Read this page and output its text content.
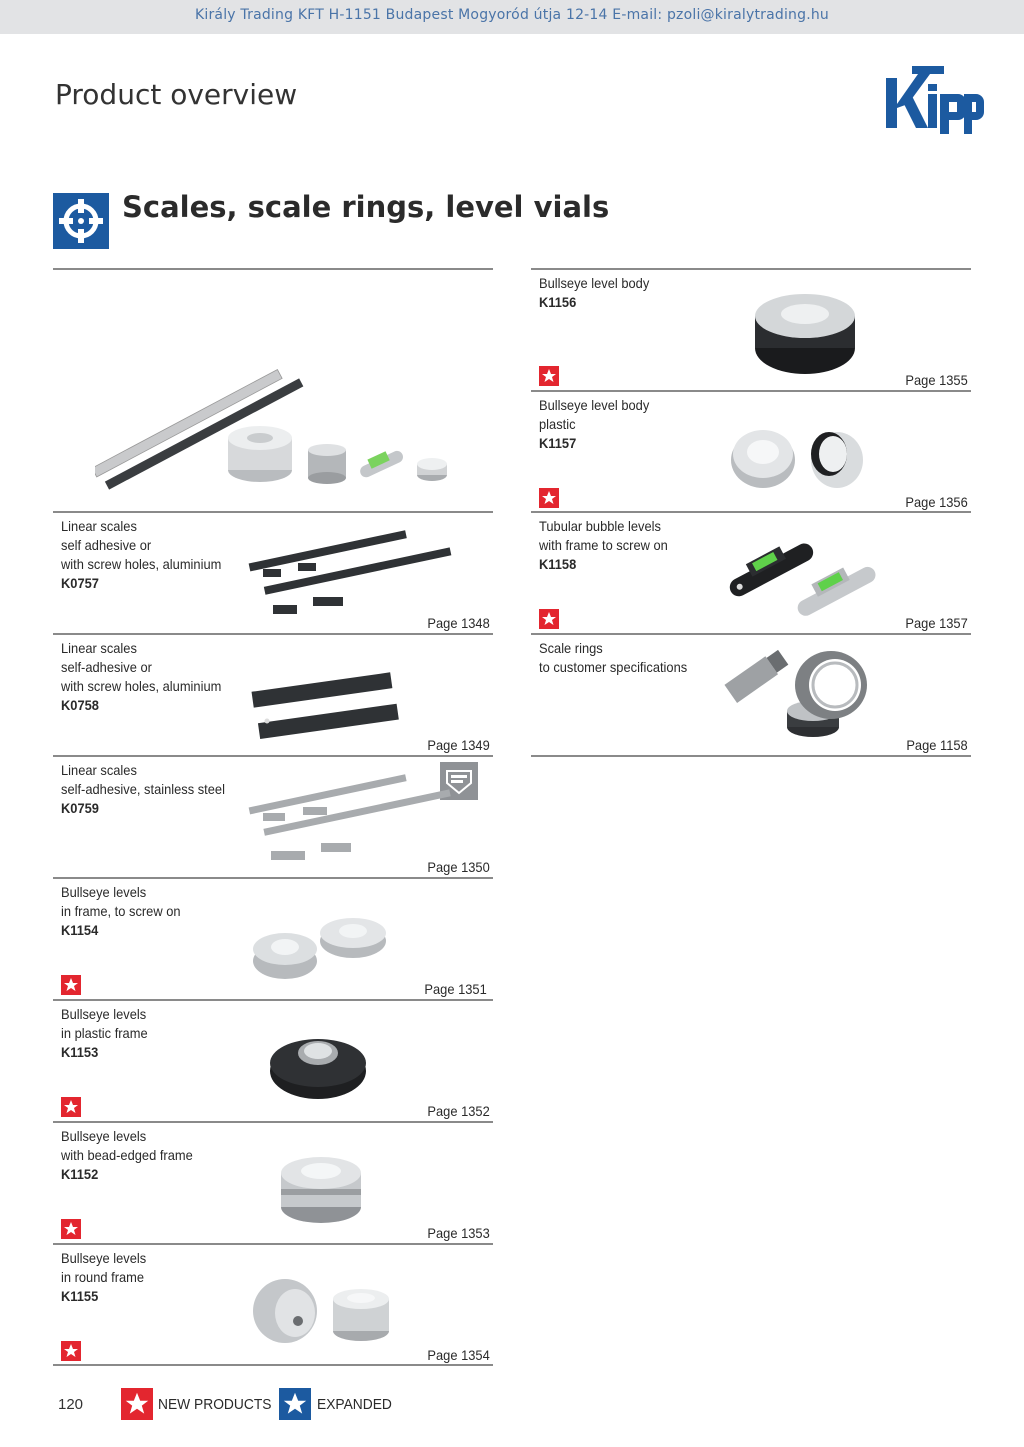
Király Trading KFT H-1151 Budapest Mogyoród útja 12-14 E-mail: pzoli@kiralytrading.hu
Product overview
Scales, scale rings, level vials
Linear scales
self adhesive or
with screw holes, aluminium
K0757
Page 1348
Linear scales
self-adhesive or
with screw holes, aluminium
K0758
Page 1349
Linear scales
self-adhesive, stainless steel
K0759
Page 1350
Bullseye levels
in frame, to screw on
K1154
Page 1351
Bullseye levels
in plastic frame
K1153
Page 1352
Bullseye levels
with bead-edged frame
K1152
Page 1353
Bullseye levels
in round frame
K1155
Page 1354
Bullseye level body
K1156
Page 1355
Bullseye level body
plastic
K1157
Page 1356
Tubular bubble levels
with frame to screw on
K1158
Page 1357
Scale rings
to customer specifications
Page 1158
120	NEW PRODUCTS	EXPANDED
